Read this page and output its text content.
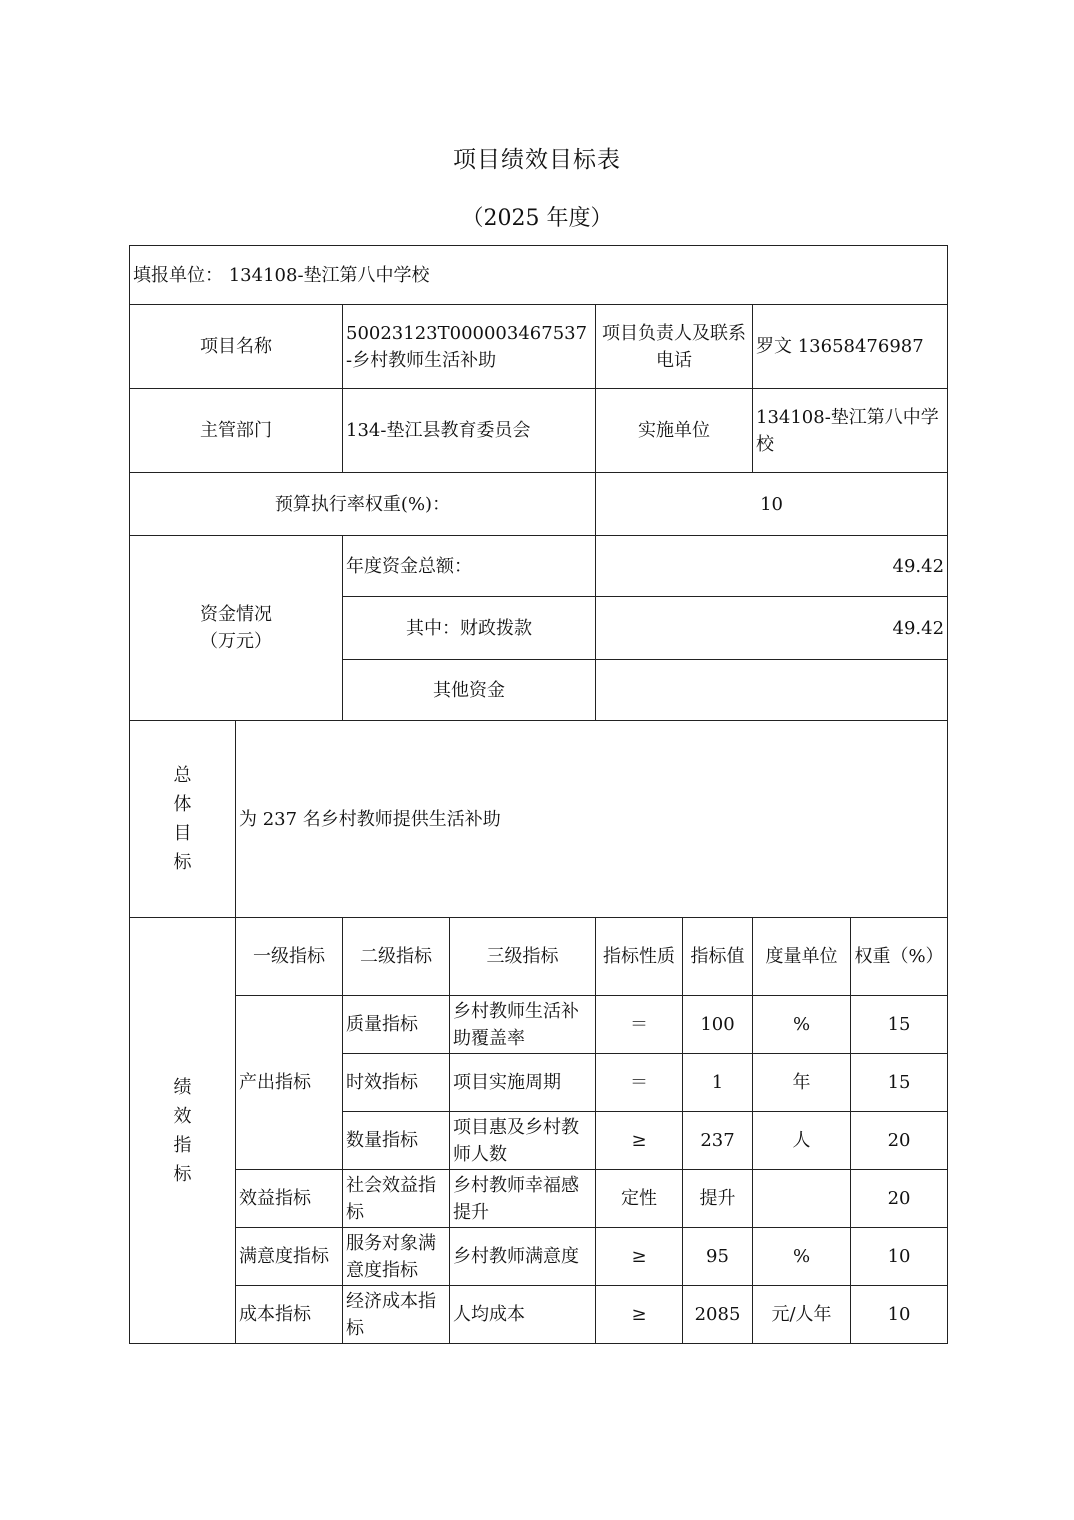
项目绩效目标表
（2025 年度）
填报单位： 134108-垫江第八中学校							
项目名称		50023123T000003467537-乡村教师生活补助		项目负责人及联系电话		罗文 13658476987	
主管部门		134-垫江县教育委员会		实施单位		134108-垫江第八中学校	
预算执行率权重(%)：				10			

资金情况
（万元）		年度资金总额：		49.42			
		其中：财政拨款		49.42			
		其他资金					

总
体
目
标	为 237 名乡村教师提供生活补助						

绩
效
指
标	一级指标	二级指标	三级指标	指标性质	指标值	度量单位	权重（%）
	产出指标	质量指标	乡村教师生活补助覆盖率	＝	100	%	15
		时效指标	项目实施周期	＝	1	年	15
		数量指标	项目惠及乡村教师人数	≥	237	人	20
	效益指标	社会效益指标	乡村教师幸福感提升	定性	提升		20
	满意度指标	服务对象满意度指标	乡村教师满意度	≥	95	%	10
	成本指标	经济成本指标	人均成本	≥	2085	元/人年	10
